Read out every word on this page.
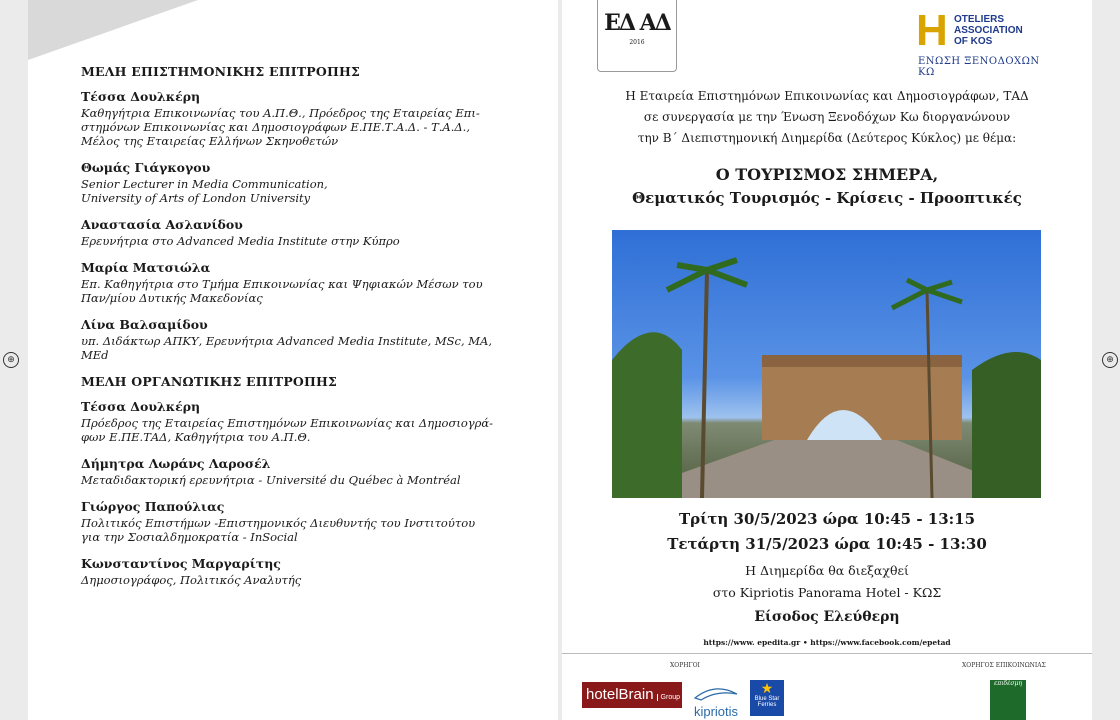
ΜΕΛΗ ΕΠΙΣΤΗΜΟΝΙΚΗΣ ΕΠΙΤΡΟΠΗΣ

Τέσσα Δουλκέρη

Καθηγήτρια Επικοινωνίας του Α.Π.Θ., Πρόεδρος της Εταιρείας Επι-
στημόνων Επικοινωνίας και Δημοσιογράφων Ε.ΠΕ.Τ.Α.Δ. - Τ.Α.Δ.,
Μέλος της Εταιρείας Ελλήνων Σκηνοθετών

Θωμάς Γιάγκογου

Senior Lecturer in Media Communication,
University of Arts of London University

Αναστασία Ασλανίδου

Ερευνήτρια στο Advanced Media Institute στην Κύπρο

Μαρία Ματσιώλα

Επ. Καθηγήτρια στο Τμήμα Επικοινωνίας και Ψηφιακών Μέσων του
Παν/μίου Δυτικής Μακεδονίας

Λίνα Βαλσαμίδου

υπ. Διδάκτωρ ΑΠΚΥ, Ερευνήτρια Advanced Media Institute, MSc, MA,
MEd

ΜΕΛΗ ΟΡΓΑΝΩΤΙΚΗΣ ΕΠΙΤΡΟΠΗΣ

Τέσσα Δουλκέρη

Πρόεδρος της Εταιρείας Επιστημόνων Επικοινωνίας και Δημοσιογρά-
φων Ε.ΠΕ.ΤΑΔ, Καθηγήτρια του Α.Π.Θ.

Δήμητρα Λωράνς Λαροσέλ

Μεταδιδακτορική ερευνήτρια - Université du Québec à Montréal

Γιώργος Παπούλιας

Πολιτικός Επιστήμων -Επιστημονικός Διευθυντής του Ινστιτούτου
για την Σοσιαλδημοκρατία - InSocial

Κωνσταντίνος Μαργαρίτης

Δημοσιογράφος, Πολιτικός Αναλυτής

⊕	⊕
ΕΔ ΑΔ
2016	H OTELIERS
ASSOCIATION
OF KOS
ΕΝΩΣΗ ΞΕΝΟΔΟΧΩΝ ΚΩ
Η Εταιρεία Επιστημόνων Επικοινωνίας και Δημοσιογράφων, ΤΑΔ
σε συνεργασία με την Ένωση Ξενοδόχων Κω διοργανώνουν
την Β΄ Διεπιστημονική Διημερίδα (Δεύτερος Κύκλος) με θέμα:
Ο ΤΟΥΡΙΣΜΟΣ ΣΗΜΕΡΑ,
Θεματικός Τουρισμός - Κρίσεις - Προοπτικές
Τρίτη 30/5/2023 ώρα 10:45 - 13:15
Τετάρτη 31/5/2023 ώρα 10:45 - 13:30
Η Διημερίδα θα διεξαχθεί
στο Kipriotis Panorama Hotel - ΚΩΣ
Είσοδος Ελεύθερη
https://www. epedita.gr • https://www.facebook.com/epetad
ΧΟΡΗΓΟΙ	ΧΟΡΗΓΟΣ ΕΠΙΚΟΙΝΩΝΙΑΣ
hotelBrain Group
kipriotis
★
Blue Star Ferries
επιδέσμη
